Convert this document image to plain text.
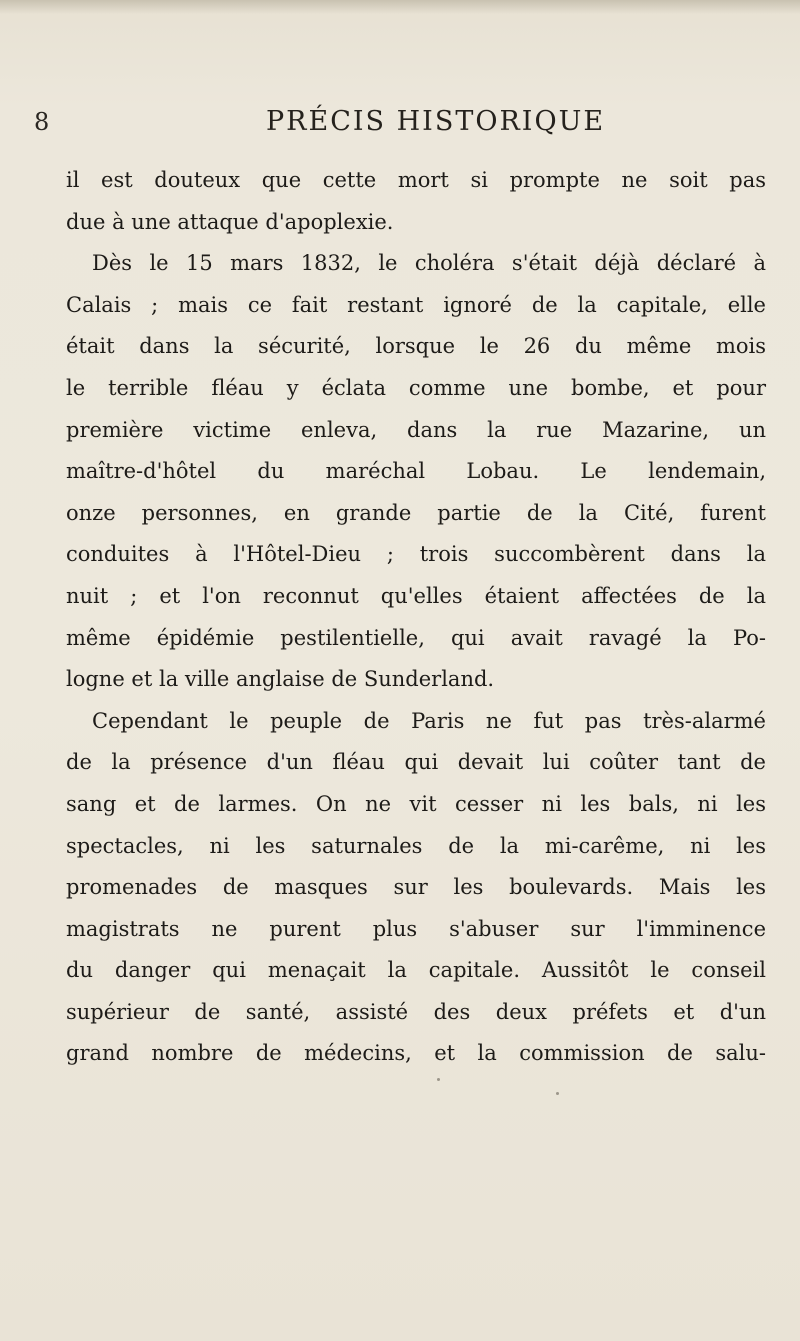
8	PRÉCIS HISTORIQUE
il est douteux que cette mort si prompte ne soit pas
due à une attaque d'apoplexie.
Dès le 15 mars 1832, le choléra s'était déjà déclaré à
Calais ; mais ce fait restant ignoré de la capitale, elle
était dans la sécurité, lorsque le 26 du même mois
le terrible fléau y éclata comme une bombe, et pour
première victime enleva, dans la rue Mazarine, un
maître-d'hôtel du maréchal Lobau. Le lendemain,
onze personnes, en grande partie de la Cité, furent
conduites à l'Hôtel-Dieu ; trois succombèrent dans la
nuit ; et l'on reconnut qu'elles étaient affectées de la
même épidémie pestilentielle, qui avait ravagé la Po-
logne et la ville anglaise de Sunderland.
Cependant le peuple de Paris ne fut pas très-alarmé
de la présence d'un fléau qui devait lui coûter tant de
sang et de larmes. On ne vit cesser ni les bals, ni les
spectacles, ni les saturnales de la mi-carême, ni les
promenades de masques sur les boulevards. Mais les
magistrats ne purent plus s'abuser sur l'imminence
du danger qui menaçait la capitale. Aussitôt le conseil
supérieur de santé, assisté des deux préfets et d'un
grand nombre de médecins, et la commission de salu-
